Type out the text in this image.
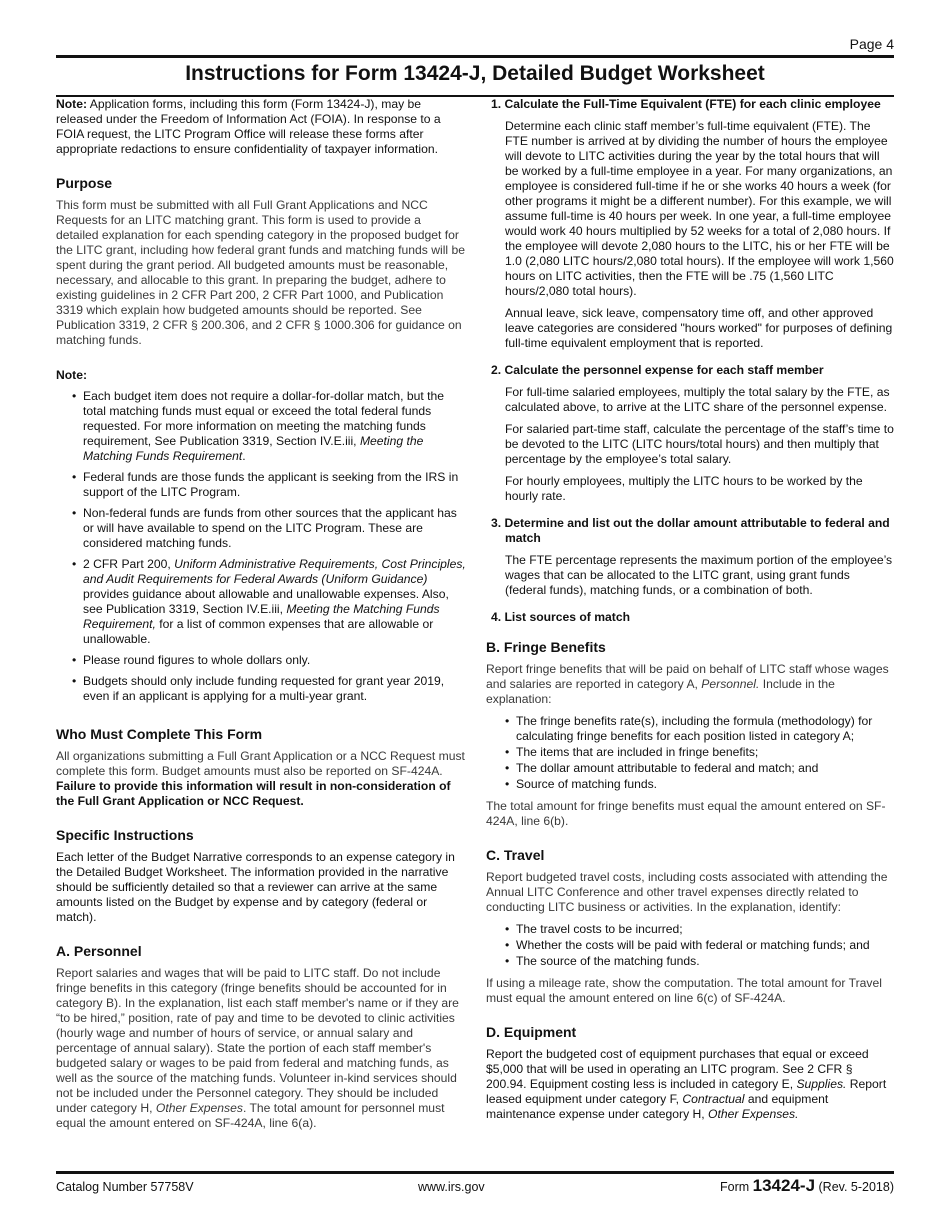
Page 4
Instructions for Form 13424-J, Detailed Budget Worksheet

Note: Application forms, including this form (Form 13424-J), may be released under the Freedom of Information Act (FOIA). In response to a FOIA request, the LITC Program Office will release these forms after appropriate redactions to ensure confidentiality of taxpayer information.

Purpose

This form must be submitted with all Full Grant Applications and NCC Requests for an LITC matching grant. This form is used to provide a detailed explanation for each spending category in the proposed budget for the LITC grant, including how federal grant funds and matching funds will be spent during the grant period. All budgeted amounts must be reasonable, necessary, and allocable to this grant. In preparing the budget, adhere to existing guidelines in 2 CFR Part 200, 2 CFR Part 1000, and Publication 3319 which explain how budgeted amounts should be reported. See Publication 3319, 2 CFR § 200.306, and 2 CFR § 1000.306 for guidance on matching funds.

Note:
• Each budget item does not require a dollar-for-dollar match, but the total matching funds must equal or exceed the total federal funds requested. For more information on meeting the matching funds requirement, See Publication 3319, Section IV.E.iii, Meeting the Matching Funds Requirement.
• Federal funds are those funds the applicant is seeking from the IRS in support of the LITC Program.
• Non-federal funds are funds from other sources that the applicant has or will have available to spend on the LITC Program. These are considered matching funds.
• 2 CFR Part 200, Uniform Administrative Requirements, Cost Principles, and Audit Requirements for Federal Awards (Uniform Guidance) provides guidance about allowable and unallowable expenses. Also, see Publication 3319, Section IV.E.iii, Meeting the Matching Funds Requirement, for a list of common expenses that are allowable or unallowable.
• Please round figures to whole dollars only.
• Budgets should only include funding requested for grant year 2019, even if an applicant is applying for a multi-year grant.
Who Must Complete This Form

All organizations submitting a Full Grant Application or a NCC Request must complete this form. Budget amounts must also be reported on SF-424A. Failure to provide this information will result in non-consideration of the Full Grant Application or NCC Request.

Specific Instructions

Each letter of the Budget Narrative corresponds to an expense category in the Detailed Budget Worksheet. The information provided in the narrative should be sufficiently detailed so that a reviewer can arrive at the same amounts listed on the Budget by expense and by category (federal or match).

A. Personnel

Report salaries and wages that will be paid to LITC staff. Do not include fringe benefits in this category (fringe benefits should be accounted for in category B). In the explanation, list each staff member's name or if they are “to be hired,” position, rate of pay and time to be devoted to clinic activities (hourly wage and number of hours of service, or annual salary and percentage of annual salary). State the portion of each staff member's budgeted salary or wages to be paid from federal and matching funds, as well as the source of the matching funds. Volunteer in-kind services should not be included under the Personnel category. They should be included under category H, Other Expenses. The total amount for personnel must equal the amount entered on SF-424A, line 6(a).

1. Calculate the Full-Time Equivalent (FTE) for each clinic employee

Determine each clinic staff member’s full-time equivalent (FTE). The FTE number is arrived at by dividing the number of hours the employee will devote to LITC activities during the year by the total hours that will be worked by a full-time employee in a year. For many organizations, an employee is considered full-time if he or she works 40 hours a week (for other programs it might be a different number). For this example, we will assume full-time is 40 hours per week. In one year, a full-time employee would work 40 hours multiplied by 52 weeks for a total of 2,080 hours. If the employee will devote 2,080 hours to the LITC, his or her FTE will be 1.0 (2,080 LITC hours/2,080 total hours). If the employee will work 1,560 hours on LITC activities, then the FTE will be .75 (1,560 LITC hours/2,080 total hours).

Annual leave, sick leave, compensatory time off, and other approved leave categories are considered "hours worked" for purposes of defining full-time equivalent employment that is reported.

2. Calculate the personnel expense for each staff member

For full-time salaried employees, multiply the total salary by the FTE, as calculated above, to arrive at the LITC share of the personnel expense.

For salaried part-time staff, calculate the percentage of the staff’s time to be devoted to the LITC (LITC hours/total hours) and then multiply that percentage by the employee’s total salary.

For hourly employees, multiply the LITC hours to be worked by the hourly rate.

3. Determine and list out the dollar amount attributable to federal and match

The FTE percentage represents the maximum portion of the employee’s wages that can be allocated to the LITC grant, using grant funds (federal funds), matching funds, or a combination of both.

4. List sources of match
B. Fringe Benefits

Report fringe benefits that will be paid on behalf of LITC staff whose wages and salaries are reported in category A, Personnel. Include in the explanation:

• The fringe benefits rate(s), including the formula (methodology) for calculating fringe benefits for each position listed in category A;
• The items that are included in fringe benefits;
• The dollar amount attributable to federal and match; and
• Source of matching funds.

The total amount for fringe benefits must equal the amount entered on SF-424A, line 6(b).

C. Travel

Report budgeted travel costs, including costs associated with attending the Annual LITC Conference and other travel expenses directly related to conducting LITC business or activities. In the explanation, identify:

• The travel costs to be incurred;
• Whether the costs will be paid with federal or matching funds; and
• The source of the matching funds.

If using a mileage rate, show the computation. The total amount for Travel must equal the amount entered on line 6(c) of SF-424A.

D. Equipment

Report the budgeted cost of equipment purchases that equal or exceed $5,000 that will be used in operating an LITC program. See 2 CFR § 200.94. Equipment costing less is included in category E, Supplies. Report leased equipment under category F, Contractual and equipment maintenance expense under category H, Other Expenses.

Catalog Number 57758V	www.irs.gov	Form 13424-J (Rev. 5-2018)
